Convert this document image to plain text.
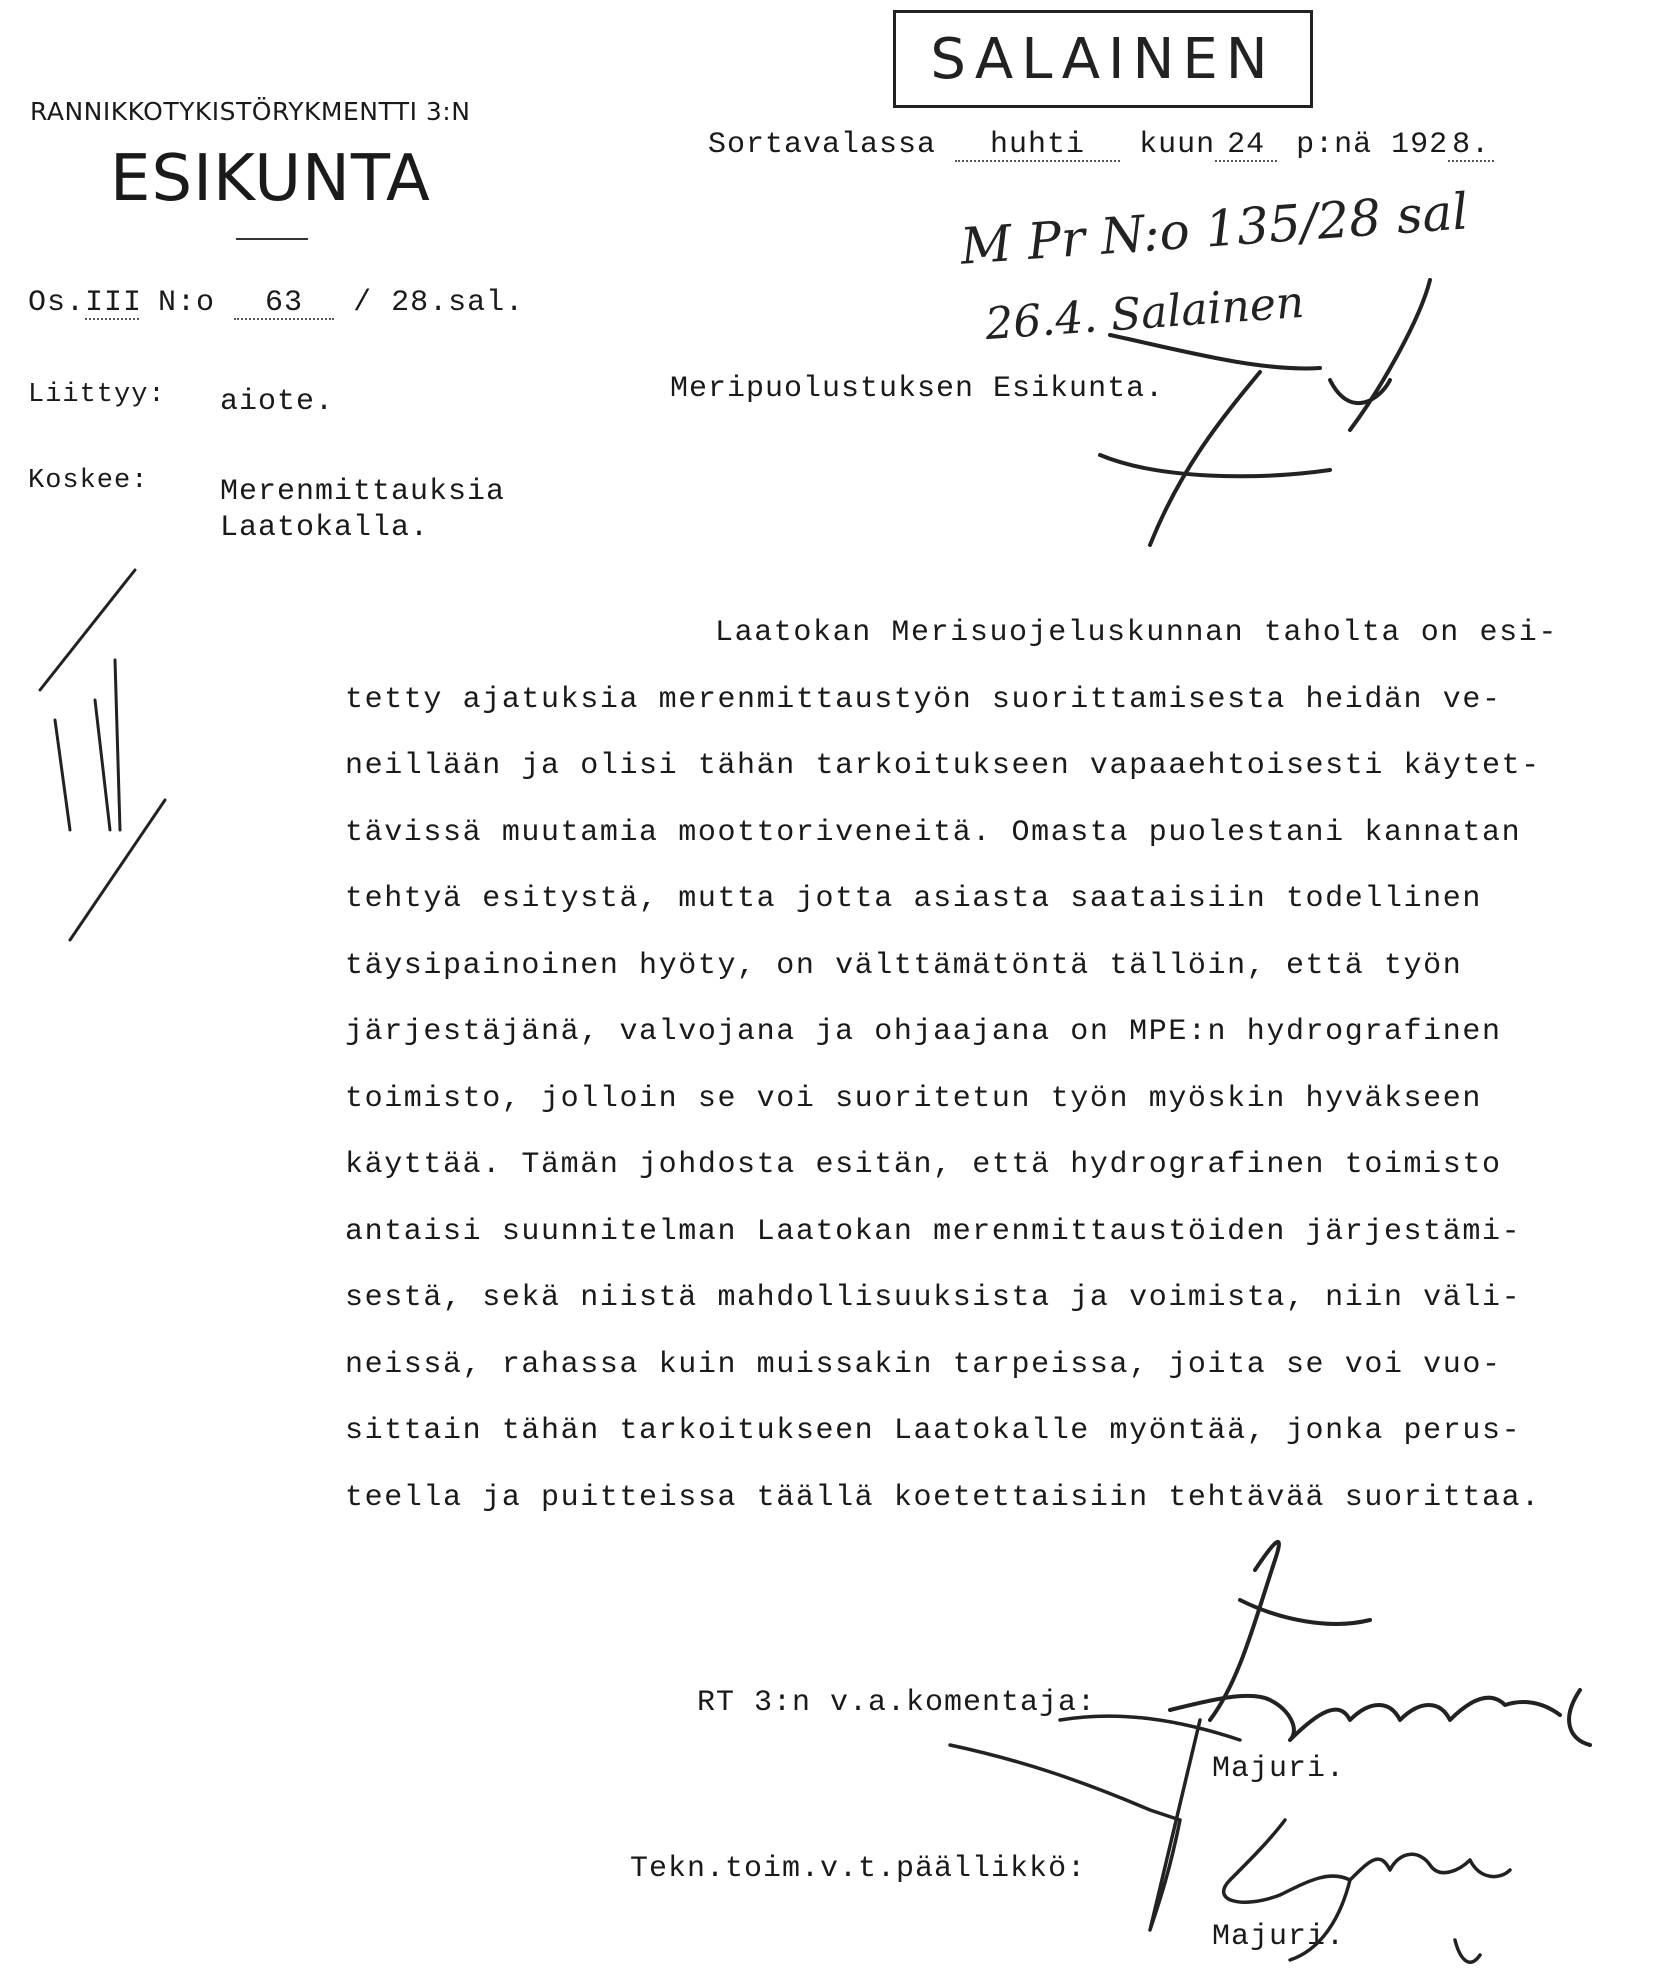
SALAINEN
RANNIKKOTYKISTÖRYKMENTTI 3:N
ESIKUNTA	Sortavalassa huhti kuun 24 p:nä 192 8.
Os.III N:o 63 / 28.sal.
Liittyy: aiote.	Meripuolustuksen Esikunta.
Koskee: Merenmittauksia
Laatokalla.
M Pr N:o 135/28 sal
26.4. Salainen
Laatokan Merisuojeluskunnan taholta on esi-
tetty ajatuksia merenmittaustyön suorittamisesta heidän ve-
neillään ja olisi tähän tarkoitukseen vapaaehtoisesti käytet-
tävissä muutamia moottoriveneitä. Omasta puolestani kannatan
tehtyä esitystä, mutta jotta asiasta saataisiin todellinen
täysipainoinen hyöty, on välttämätöntä tällöin, että työn
järjestäjänä, valvojana ja ohjaajana on MPE:n hydrografinen
toimisto, jolloin se voi suoritetun työn myöskin hyväkseen
käyttää. Tämän johdosta esitän, että hydrografinen toimisto
antaisi suunnitelman Laatokan merenmittaustöiden järjestämi-
sestä, sekä niistä mahdollisuuksista ja voimista, niin väli-
neissä, rahassa kuin muissakin tarpeissa, joita se voi vuo-
sittain tähän tarkoitukseen Laatokalle myöntää, jonka perus-
teella ja puitteissa täällä koetettaisiin tehtävää suorittaa.
RT 3:n v.a.komentaja:
Majuri.
Tekn.toim.v.t.päällikkö:
Majuri.
